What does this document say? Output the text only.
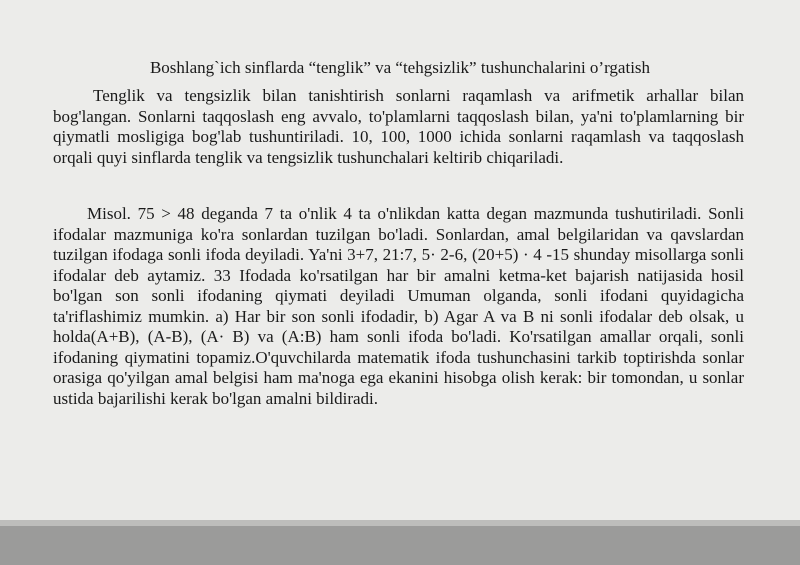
Boshlang`ich sinflarda “tenglik” va “tehgsizlik” tushunchalarini o’rgatish
Tenglik va tengsizlik bilan tanishtirish sonlarni raqamlash va arifmetik arhallar bilan bog'langan. Sonlarni taqqoslash eng avvalo, to'plamlarni taqqoslash bilan, ya'ni to'plamlarning bir qiymatli mosligiga bog'lab tushuntiriladi. 10, 100, 1000 ichida sonlarni raqamlash va taqqoslash orqali quyi sinflarda tenglik va tengsizlik tushunchalari keltirib chiqariladi.
Misol. 75 > 48 deganda 7 ta o'nlik 4 ta o'nlikdan katta degan mazmunda tushutiriladi. Sonli ifodalar mazmuniga ko'ra sonlardan tuzilgan bo'ladi. Sonlardan, amal belgilaridan va qavslardan tuzilgan ifodaga sonli ifoda deyiladi. Ya'ni 3+7, 21:7, 5· 2-6, (20+5) · 4 -15 shunday misollarga sonli ifodalar deb aytamiz. 33 Ifodada ko'rsatilgan har bir amalni ketma-ket bajarish natijasida hosil bo'lgan son sonli ifodaning qiymati deyiladi Umuman olganda, sonli ifodani quyidagicha ta'riflashimiz mumkin. a) Har bir son sonli ifodadir, b) Agar A va B ni sonli ifodalar deb olsak, u holda(A+B), (A-B), (A· B) va (A:B) ham sonli ifoda bo'ladi. Ko'rsatilgan amallar orqali, sonli ifodaning qiymatini topamiz.O'quvchilarda matematik ifoda tushunchasini tarkib toptirishda sonlar orasiga qo'yilgan amal belgisi ham ma'noga ega ekanini hisobga olish kerak: bir tomondan, u sonlar ustida bajarilishi kerak bo'lgan amalni bildiradi.
